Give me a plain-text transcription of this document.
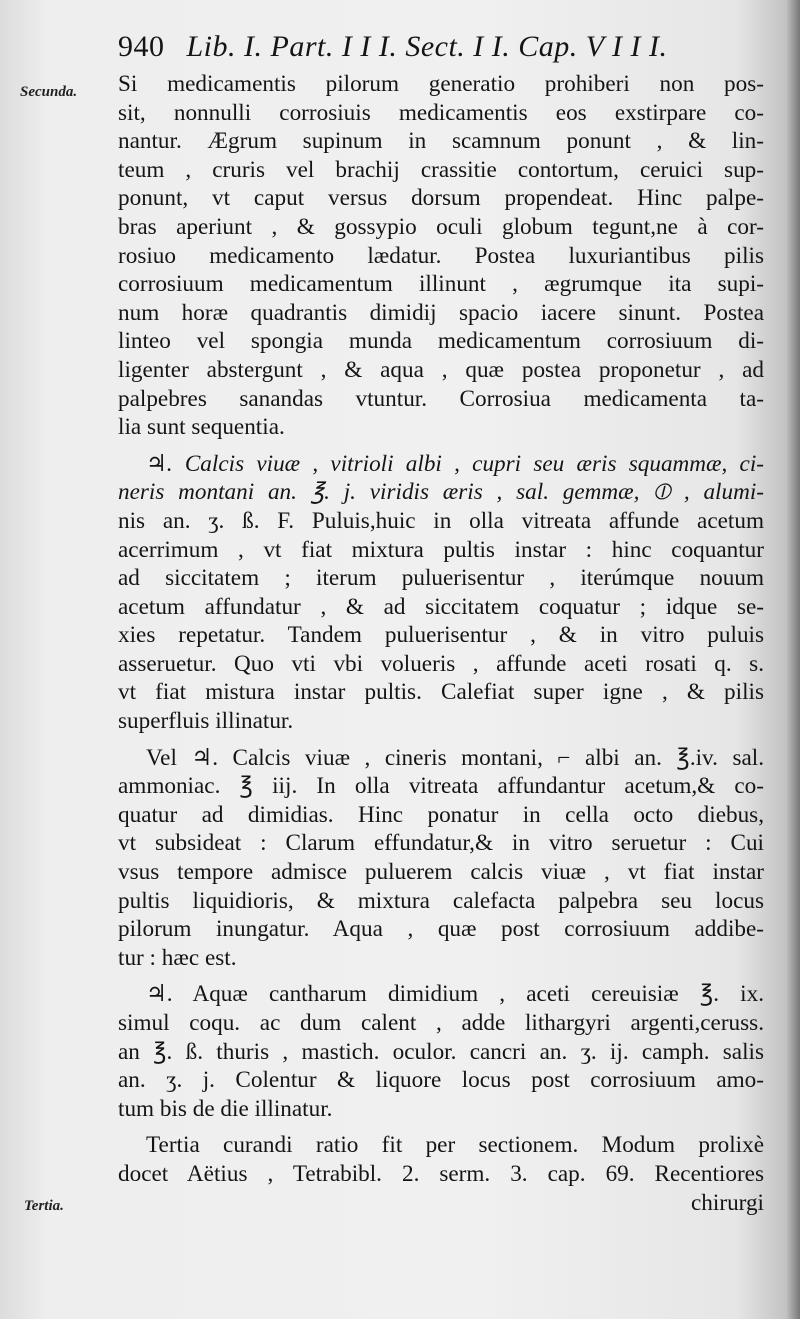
940 Lib. I. Part. I I I. Sect. I I. Cap. V I I I.
Secunda.
Tertia.
Si medicamentis pilorum generatio prohiberi non pos-
sit, nonnulli corrosiuis medicamentis eos exstirpare co-
nantur. Ægrum supinum in scamnum ponunt , & lin-
teum , cruris vel brachij crassitie contortum, ceruici sup-
ponunt, vt caput versus dorsum propendeat. Hinc palpe-
bras aperiunt , & gossypio oculi globum tegunt,ne à cor-
rosiuo medicamento lædatur. Postea luxuriantibus pilis
corrosiuum medicamentum illinunt , ægrumque ita supi-
num horæ quadrantis dimidij spacio iacere sinunt. Postea
linteo vel spongia munda medicamentum corrosiuum di-
ligenter abstergunt , & aqua , quæ postea proponetur , ad
palpebres sanandas vtuntur. Corrosiua medicamenta ta-
lia sunt sequentia.
♃. Calcis viuæ , vitrioli albi , cupri seu æris squammæ, ci-
neris montani an. ℥. j. viridis æris , sal. gemmæ, ⦶ , alumi-
nis an. ʒ. ß. F. Puluis,huic in olla vitreata affunde acetum
acerrimum , vt fiat mixtura pultis instar : hinc coquantur
ad siccitatem ; iterum puluerisentur , iterúmque nouum
acetum affundatur , & ad siccitatem coquatur ; idque se-
xies repetatur. Tandem puluerisentur , & in vitro puluis
asseruetur. Quo vti vbi volueris , affunde aceti rosati q. s.
vt fiat mistura instar pultis. Calefiat super igne , & pilis
superfluis illinatur.
Vel ♃. Calcis viuæ , cineris montani, ⌐ albi an. ℥.iv. sal.
ammoniac. ℥ iij. In olla vitreata affundantur acetum,& co-
quatur ad dimidias. Hinc ponatur in cella octo diebus,
vt subsideat : Clarum effundatur,& in vitro seruetur : Cui
vsus tempore admisce puluerem calcis viuæ , vt fiat instar
pultis liquidioris, & mixtura calefacta palpebra seu locus
pilorum inungatur. Aqua , quæ post corrosiuum addibe-
tur : hæc est.
♃. Aquæ cantharum dimidium , aceti cereuisiæ ℥. ix.
simul coqu. ac dum calent , adde lithargyri argenti,ceruss.
an ℥. ß. thuris , mastich. oculor. cancri an. ʒ. ij. camph. salis
an. ʒ. j. Colentur & liquore locus post corrosiuum amo-
tum bis de die illinatur.
Tertia curandi ratio fit per sectionem. Modum prolixè
docet Aëtius , Tetrabibl. 2. serm. 3. cap. 69. Recentiores
chirurgi
